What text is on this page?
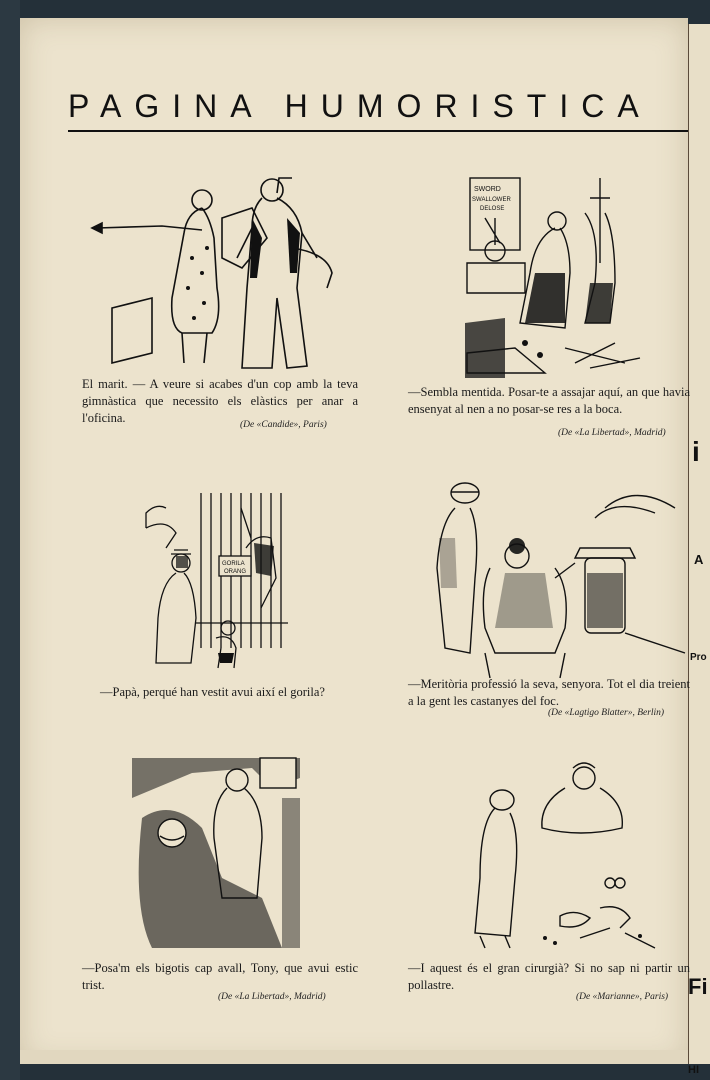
i
A
Pro
Fi
HI
PAGINA HUMORISTICA

El marit. — A veure si acabes d'un cop amb la teva gimnàstica que necessito els elàstics per anar a l'oficina.	(De «Candide», Paris)
SWORD
SWALLOWER
DELOSE

—Sembla mentida. Posar-te a assajar aquí, an que havia ensenyat al nen a no posar-se res a la boca.

(De «La Libertad», Madrid)
GORILA
ORANG

—Papà, perqué han vestit avui així el gorila?

—Meritòria professió la seva, senyora. Tot el dia treient a la gent les castanyes del foc.

(De «Lagtigo Blatter», Berlin)

—Posa'm els bigotis cap avall, Tony, que avui estic trist.

(De «La Libertad», Madrid)

—I aquest és el gran cirurgià? Si no sap ni partir un pollastre.

(De «Marianne», Paris)
